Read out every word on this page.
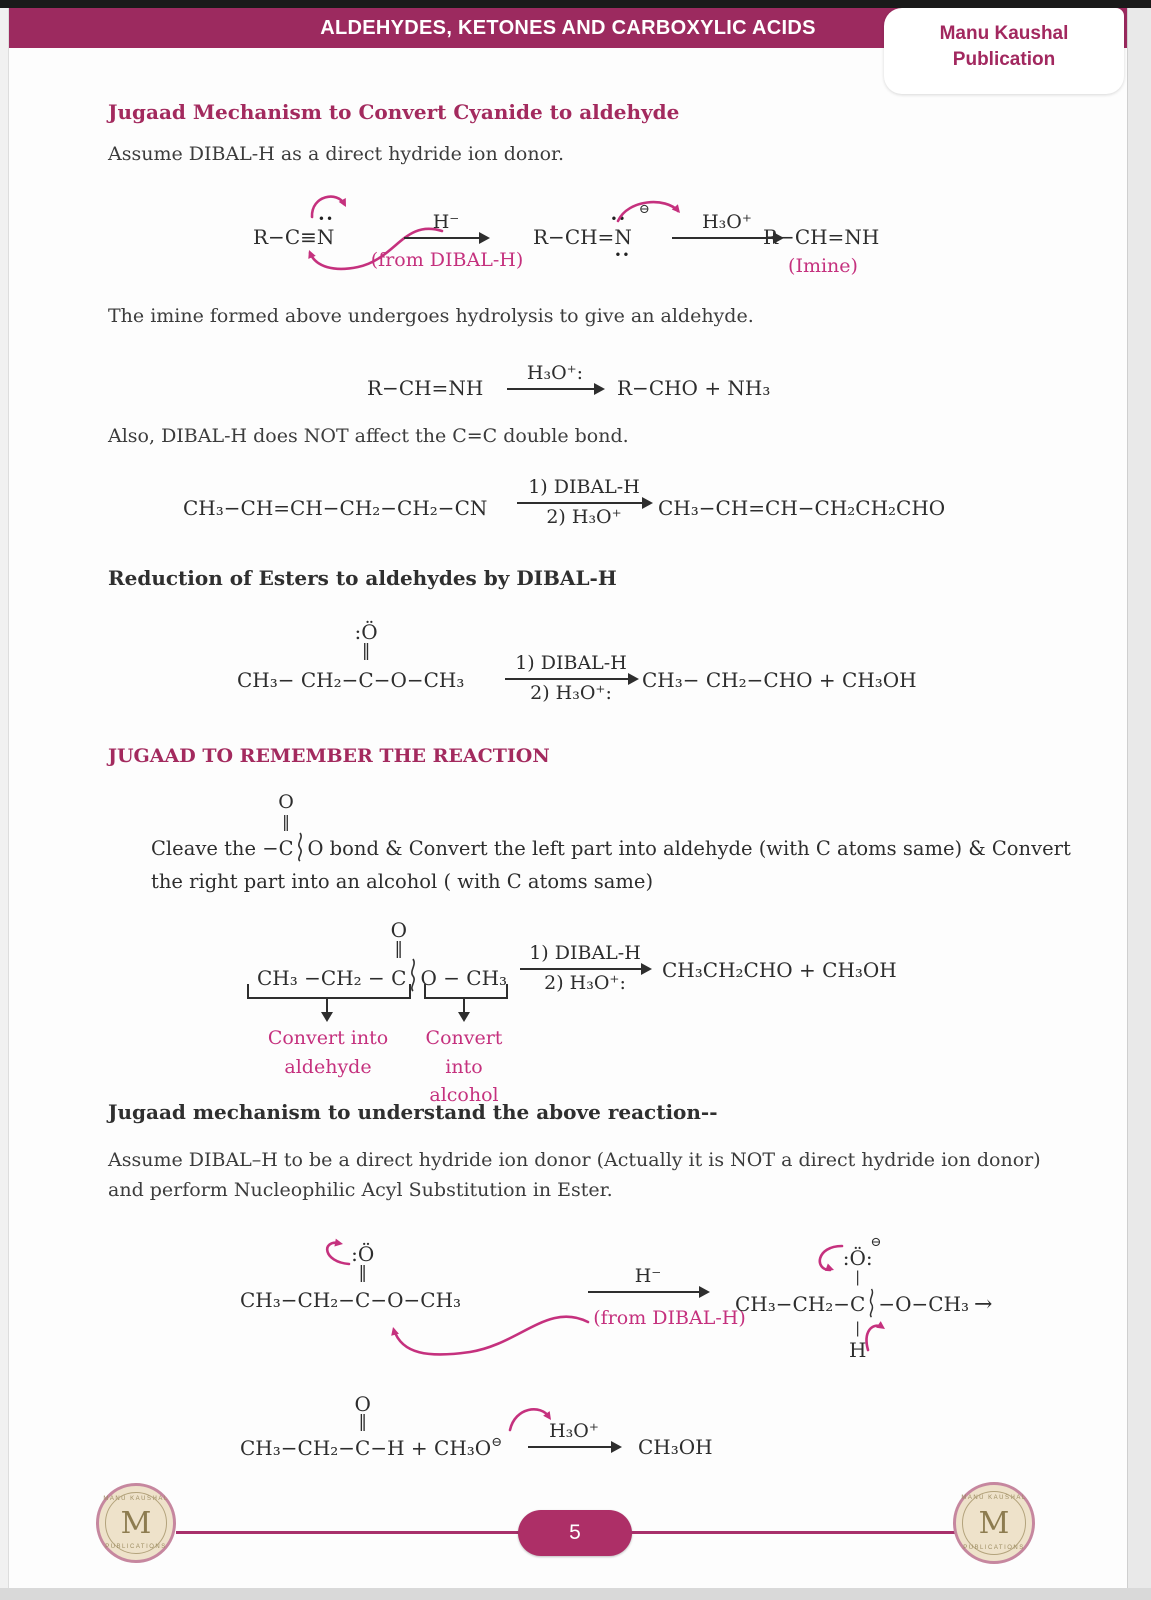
ALDEHYDES, KETONES AND CARBOXYLIC ACIDS	Manu Kaushal
Publication
Jugaad Mechanism to Convert Cyanide to aldehyde
Assume DIBAL-H as a direct hydride ion donor.
R−C≡N
••	H⁻
(from DIBAL-H)
R−CH=N
••
••
⊖
H₃O⁺
R−CH=NH
(Imine)
The imine formed above undergoes hydrolysis to give an aldehyde.
R−CH=NH
H₃O⁺:
R−CHO + NH₃
Also, DIBAL-H does NOT affect the C=C double bond.
CH₃−CH=CH−CH₂−CH₂−CN
1) DIBAL-H
2) H₃O⁺ CH₃−CH=CH−CH₂CH₂CHO
Reduction of Esters to aldehydes by DIBAL-H
CH₃− CH₂−C
:Ö
‖
−O−CH₃
1) DIBAL-H
2) H₃O⁺:
CH₃− CH₂−CHO + CH₃OH
JUGAAD TO REMEMBER THE REACTION
Cleave the −C
O
‖
O bond & Convert the left part into aldehyde (with C atoms same) & Convert
the right part into an alcohol ( with C atoms same)
CH₃ −CH₂ − C
O
‖
O − CH₃
1) DIBAL-H
2) H₃O⁺:
CH₃CH₂CHO + CH₃OH
Convert into
aldehyde
Convert into
alcohol
Jugaad mechanism to understand the above reaction--
Assume DIBAL–H to be a direct hydride ion donor (Actually it is NOT a direct hydride ion donor) and perform Nucleophilic Acyl Substitution in Ester.
CH₃−CH₂−C
:Ö
‖
−O−CH₃
H⁻
(from DIBAL-H)
CH₃−CH₂−C
:Ö:
⊖
|
|
H
−O−CH₃ →
CH₃−CH₂−C
O
‖
−H + CH₃O⊖
H₃O⁺
CH₃OH
MANU KAUSHAL
M
PUBLICATIONS
5
MANU KAUSHAL
M
PUBLICATIONS
